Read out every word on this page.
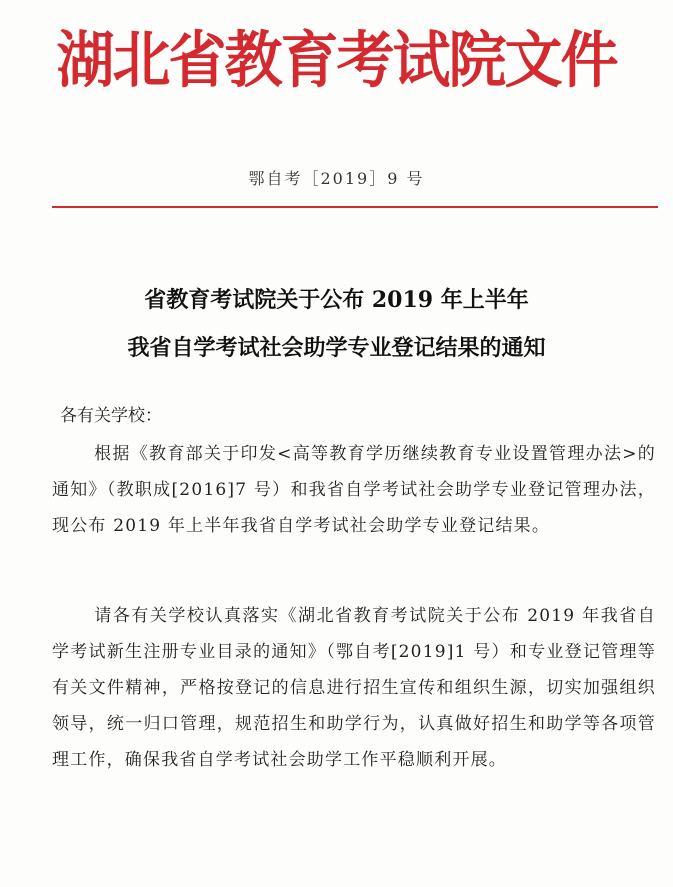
湖北省教育考试院文件
鄂自考［2019］9 号
省教育考试院关于公布 2019 年上半年
我省自学考试社会助学专业登记结果的通知
各有关学校：
根据《教育部关于印发<高等教育学历继续教育专业设置管理办法>的通知》（教职成[2016]7 号）和我省自学考试社会助学专业登记管理办法，现公布 2019 年上半年我省自学考试社会助学专业登记结果。
请各有关学校认真落实《湖北省教育考试院关于公布 2019 年我省自学考试新生注册专业目录的通知》（鄂自考[2019]1 号）和专业登记管理等有关文件精神，严格按登记的信息进行招生宣传和组织生源，切实加强组织领导，统一归口管理，规范招生和助学行为，认真做好招生和助学等各项管理工作，确保我省自学考试社会助学工作平稳顺利开展。
